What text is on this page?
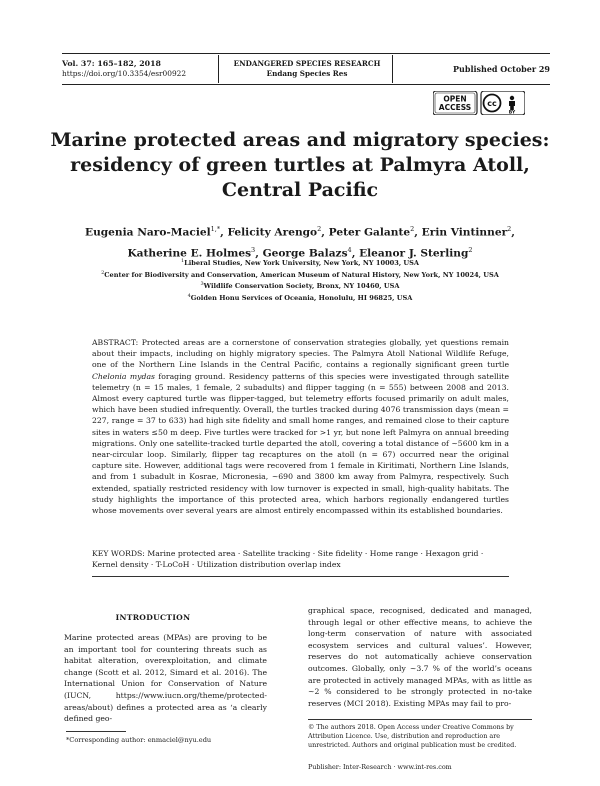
Vol. 37: 165–182, 2018
https://doi.org/10.3354/esr00922
ENDANGERED SPECIES RESEARCH
Endang Species Res	Published October 29
OPEN
ACCESS cc
BY
Marine protected areas and migratory species:
residency of green turtles at Palmyra Atoll,
Central Pacific
Eugenia Naro-Maciel$^{1,*}$, Felicity Arengo$^2$, Peter Galante$^2$, Erin Vintinner$^2$,
Katherine E. Holmes$^3$, George Balazs$^4$, Eleanor J. Sterling$^2$
$^1$Liberal Studies, New York University, New York, NY 10003, USA
$^2$Center for Biodiversity and Conservation, American Museum of Natural History, New York, NY 10024, USA
$^3$Wildlife Conservation Society, Bronx, NY 10460, USA
$^4$Golden Honu Services of Oceania, Honolulu, HI 96825, USA
ABSTRACT: Protected areas are a cornerstone of conservation strategies globally, yet questions remain about their impacts, including on highly migratory species. The Palmyra Atoll National Wildlife Refuge, one of the Northern Line Islands in the Central Pacific, contains a regionally significant green turtle Chelonia mydas foraging ground. Residency patterns of this species were investigated through satellite telemetry (n = 15 males, 1 female, 2 subadults) and flipper tagging (n = 555) between 2008 and 2013. Almost every captured turtle was flipper-tagged, but telemetry efforts focused primarily on adult males, which have been studied infrequently. Overall, the turtles tracked during 4076 transmission days (mean = 227, range = 37 to 633) had high site fidelity and small home ranges, and remained close to their capture sites in waters ≤50 m deep. Five turtles were tracked for >1 yr, but none left Palmyra on annual breeding migrations. Only one satellite-tracked turtle departed the atoll, covering a total distance of ~5600 km in a near-circular loop. Similarly, flipper tag recaptures on the atoll (n = 67) occurred near the original capture site. However, additional tags were recovered from 1 female in Kiritimati, Northern Line Islands, and from 1 subadult in Kosrae, Micronesia, ~690 and 3800 km away from Palmyra, respectively. Such extended, spatially restricted residency with low turnover is expected in small, high-quality habitats. The study highlights the importance of this protected area, which harbors regionally endangered turtles whose movements over several years are almost entirely encompassed within its established boundaries.
KEY WORDS: Marine protected area · Satellite tracking · Site fidelity · Home range · Hexagon grid · Kernel density · T-LoCoH · Utilization distribution overlap index
INTRODUCTION
Marine protected areas (MPAs) are proving to be an important tool for countering threats such as habitat alteration, overexploitation, and climate change (Scott et al. 2012, Simard et al. 2016). The International Union for Conservation of Nature (IUCN, https://www.iucn.org/theme/protected-areas/about) defines a protected area as ‘a clearly defined geo-
graphical space, recognised, dedicated and managed, through legal or other effective means, to achieve the long-term conservation of nature with associated ecosystem services and cultural values’. However, reserves do not automatically achieve conservation outcomes. Globally, only ~3.7 % of the world’s oceans are protected in actively managed MPAs, with as little as ~2 % considered to be strongly protected in no-take reserves (MCI 2018). Existing MPAs may fail to pro-
*Corresponding author: enmaciel@nyu.edu
© The authors 2018. Open Access under Creative Commons by Attribution Licence. Use, distribution and reproduction are unrestricted. Authors and original publication must be credited.
Publisher: Inter-Research · www.int-res.com
